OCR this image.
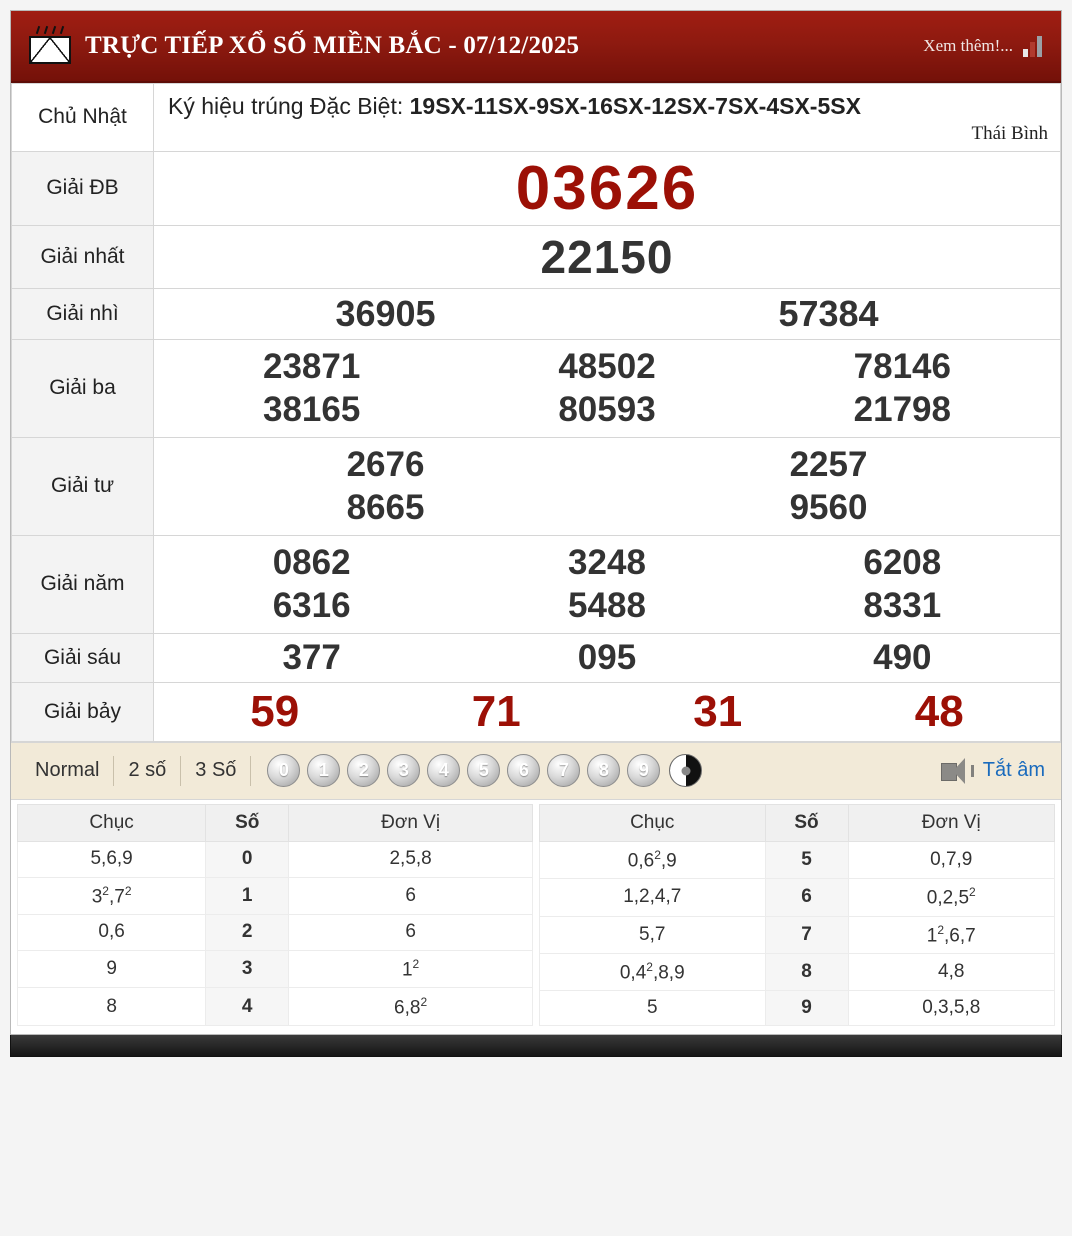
TRỰC TIẾP XỔ SỐ MIỀN BẮC - 07/12/2025	Xem thêm!...
Chủ Nhật	Ký hiệu trúng Đặc Biệt: 19SX-11SX-9SX-16SX-12SX-7SX-4SX-5SX
Thái Bình

Giải ĐB	03626

Giải nhất	22150

Giải nhì	36905 57384

Giải ba	
23871	48502	78146
38165	80593	21798

Giải tư	2676 2257
8665 9560

Giải năm	
0862	3248	6208
6316	5488	8331

Giải sáu	377 095 490

Giải bảy	59 71 31 48
Normal	2 số	3 Số	0	1	2	3	4	5	6	7	8	9	Tắt âm
Chục	Số	Đơn Vị
5,6,9	0	2,5,8
$3^2,7^2$	1	6
0,6	2	6
9	3	$1^2$
8	4	$6,8^2$
Chục	Số	Đơn Vị
$0,6^2,9$	5	0,7,9
1,2,4,7	6	0,2,5$^2$
5,7	7	$1^2,6,7$
$0,4^2,8,9$	8	4,8
5	9	0,3,5,8
